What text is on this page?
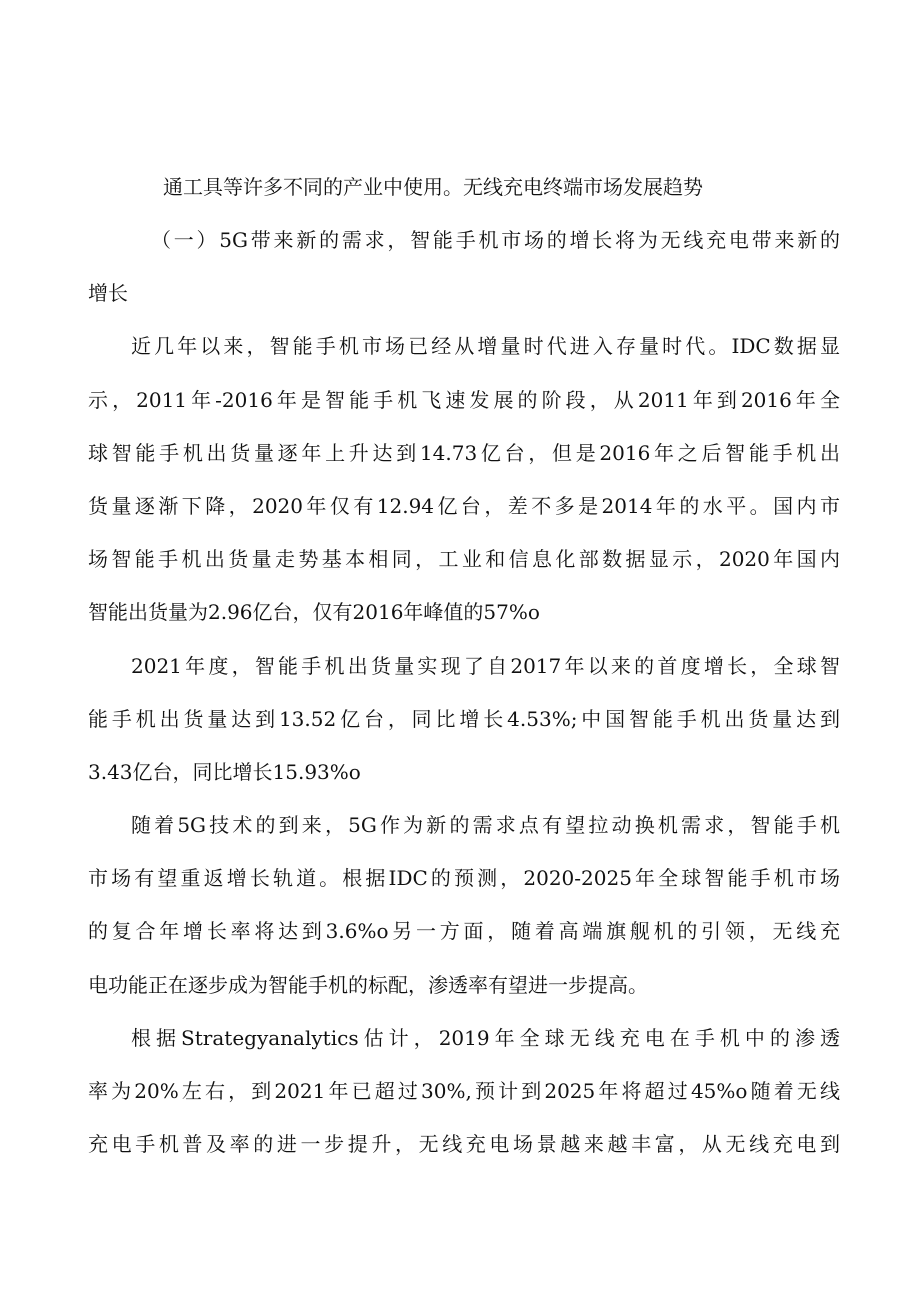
通工具等许多不同的产业中使用。无线充电终端市场发展趋势
（一）5G带来新的需求，智能手机市场的增长将为无线充电带来新的
增长
近几年以来，智能手机市场已经从增量时代进入存量时代。IDC数据显
示，2011年-2016年是智能手机飞速发展的阶段，从2011年到2016年全
球智能手机出货量逐年上升达到14.73亿台，但是2016年之后智能手机出
货量逐渐下降，2020年仅有12.94亿台，差不多是2014年的水平。国内市
场智能手机出货量走势基本相同，工业和信息化部数据显示，2020年国内
智能出货量为2.96亿台，仅有2016年峰值的57%o
2021年度，智能手机出货量实现了自2017年以来的首度增长，全球智
能手机出货量达到13.52亿台，同比增长4.53%;中国智能手机出货量达到
3.43亿台，同比增长15.93%o
随着5G技术的到来，5G作为新的需求点有望拉动换机需求，智能手机
市场有望重返增长轨道。根据IDC的预测，2020-2025年全球智能手机市场
的复合年增长率将达到3.6%o另一方面，随着高端旗舰机的引领，无线充
电功能正在逐步成为智能手机的标配，渗透率有望进一步提高。
根据Strategyanalytics估计，2019年全球无线充电在手机中的渗透
率为20%左右，到2021年已超过30%,预计到2025年将超过45%o随着无线
充电手机普及率的进一步提升，无线充电场景越来越丰富，从无线充电到
